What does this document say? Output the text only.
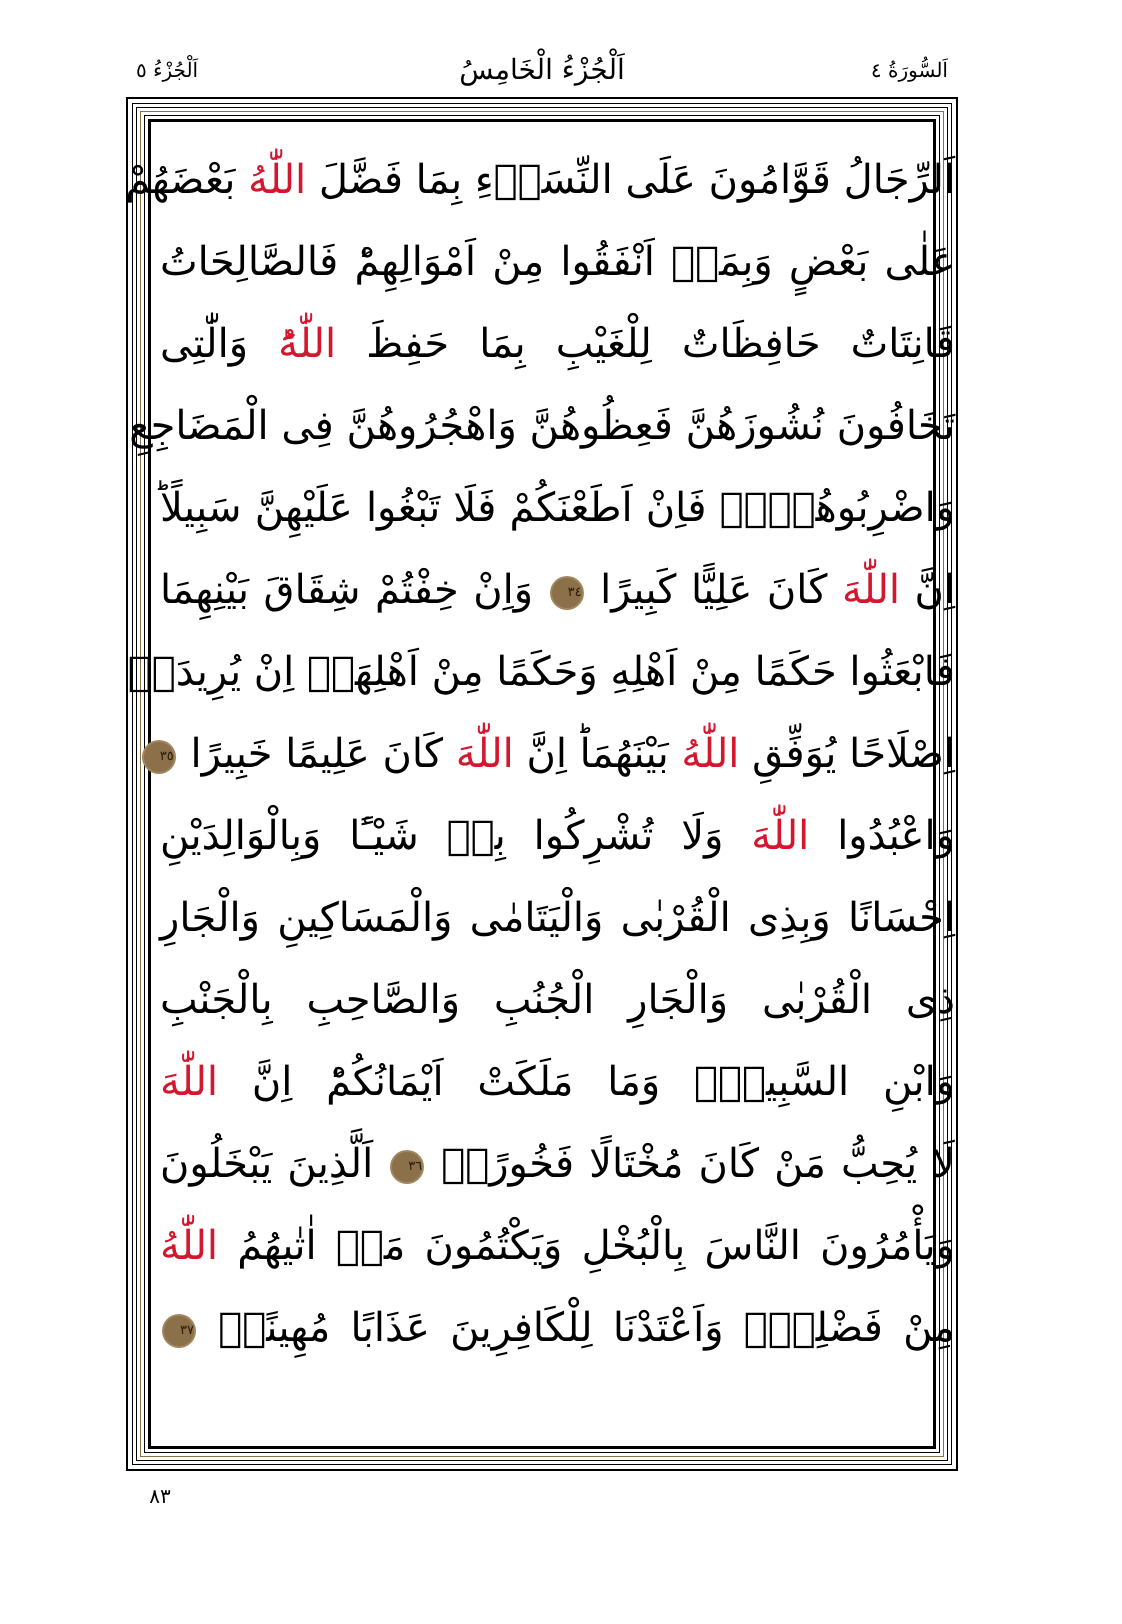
اَلْجُزْءُ ٥	اَلْجُزْءُ الْخَامِسُ	اَلسُّورَةُ ٤
اَلرِّجَالُ قَوَّامُونَ عَلَى النِّسَاۤءِ بِمَا فَضَّلَ اللّٰهُ بَعْضَهُمْ
عَلٰى بَعْضٍ وَبِمَاۤ اَنْفَقُوا مِنْ اَمْوَالِهِمْؕ فَالصَّالِحَاتُ
قَانِتَاتٌ حَافِظَاتٌ لِلْغَيْبِ بِمَا حَفِظَ اللّٰهُؕ وَالّٰتِى
تَخَافُونَ نُشُوزَهُنَّ فَعِظُوهُنَّ وَاهْجُرُوهُنَّ فِى الْمَضَاجِعِ
وَاضْرِبُوهُنَّۚ فَاِنْ اَطَعْنَكُمْ فَلَا تَبْغُوا عَلَيْهِنَّ سَبِيلًاؕ
اِنَّ اللّٰهَ كَانَ عَلِيًّا كَبِيرًا ٣٤ وَاِنْ خِفْتُمْ شِقَاقَ بَيْنِهِمَا
فَابْعَثُوا حَكَمًا مِنْ اَهْلِهِ وَحَكَمًا مِنْ اَهْلِهَاۚ اِنْ يُرِيدَاۤ
اِصْلَاحًا يُوَفِّقِ اللّٰهُ بَيْنَهُمَاؕ اِنَّ اللّٰهَ كَانَ عَلِيمًا خَبِيرًا ٣٥
وَاعْبُدُوا اللّٰهَ وَلَا تُشْرِكُوا بِهٖ شَيْـًٔا وَبِالْوَالِدَيْنِ
اِحْسَانًا وَبِذِى الْقُرْبٰى وَالْيَتَامٰى وَالْمَسَاكِينِ وَالْجَارِ
ذِى الْقُرْبٰى وَالْجَارِ الْجُنُبِ وَالصَّاحِبِ بِالْجَنْبِ
وَابْنِ السَّبِيلِۙ وَمَا مَلَكَتْ اَيْمَانُكُمْؕ اِنَّ اللّٰهَ
لَا يُحِبُّ مَنْ كَانَ مُخْتَالًا فَخُورًاۙ ٣٦ اَلَّذِينَ يَبْخَلُونَ
وَيَأْمُرُونَ النَّاسَ بِالْبُخْلِ وَيَكْتُمُونَ مَاۤ اٰتٰيهُمُ اللّٰهُ
مِنْ فَضْلِهٖؕ وَاَعْتَدْنَا لِلْكَافِرِينَ عَذَابًا مُهِينًاۚ ٣٧
٨٣
